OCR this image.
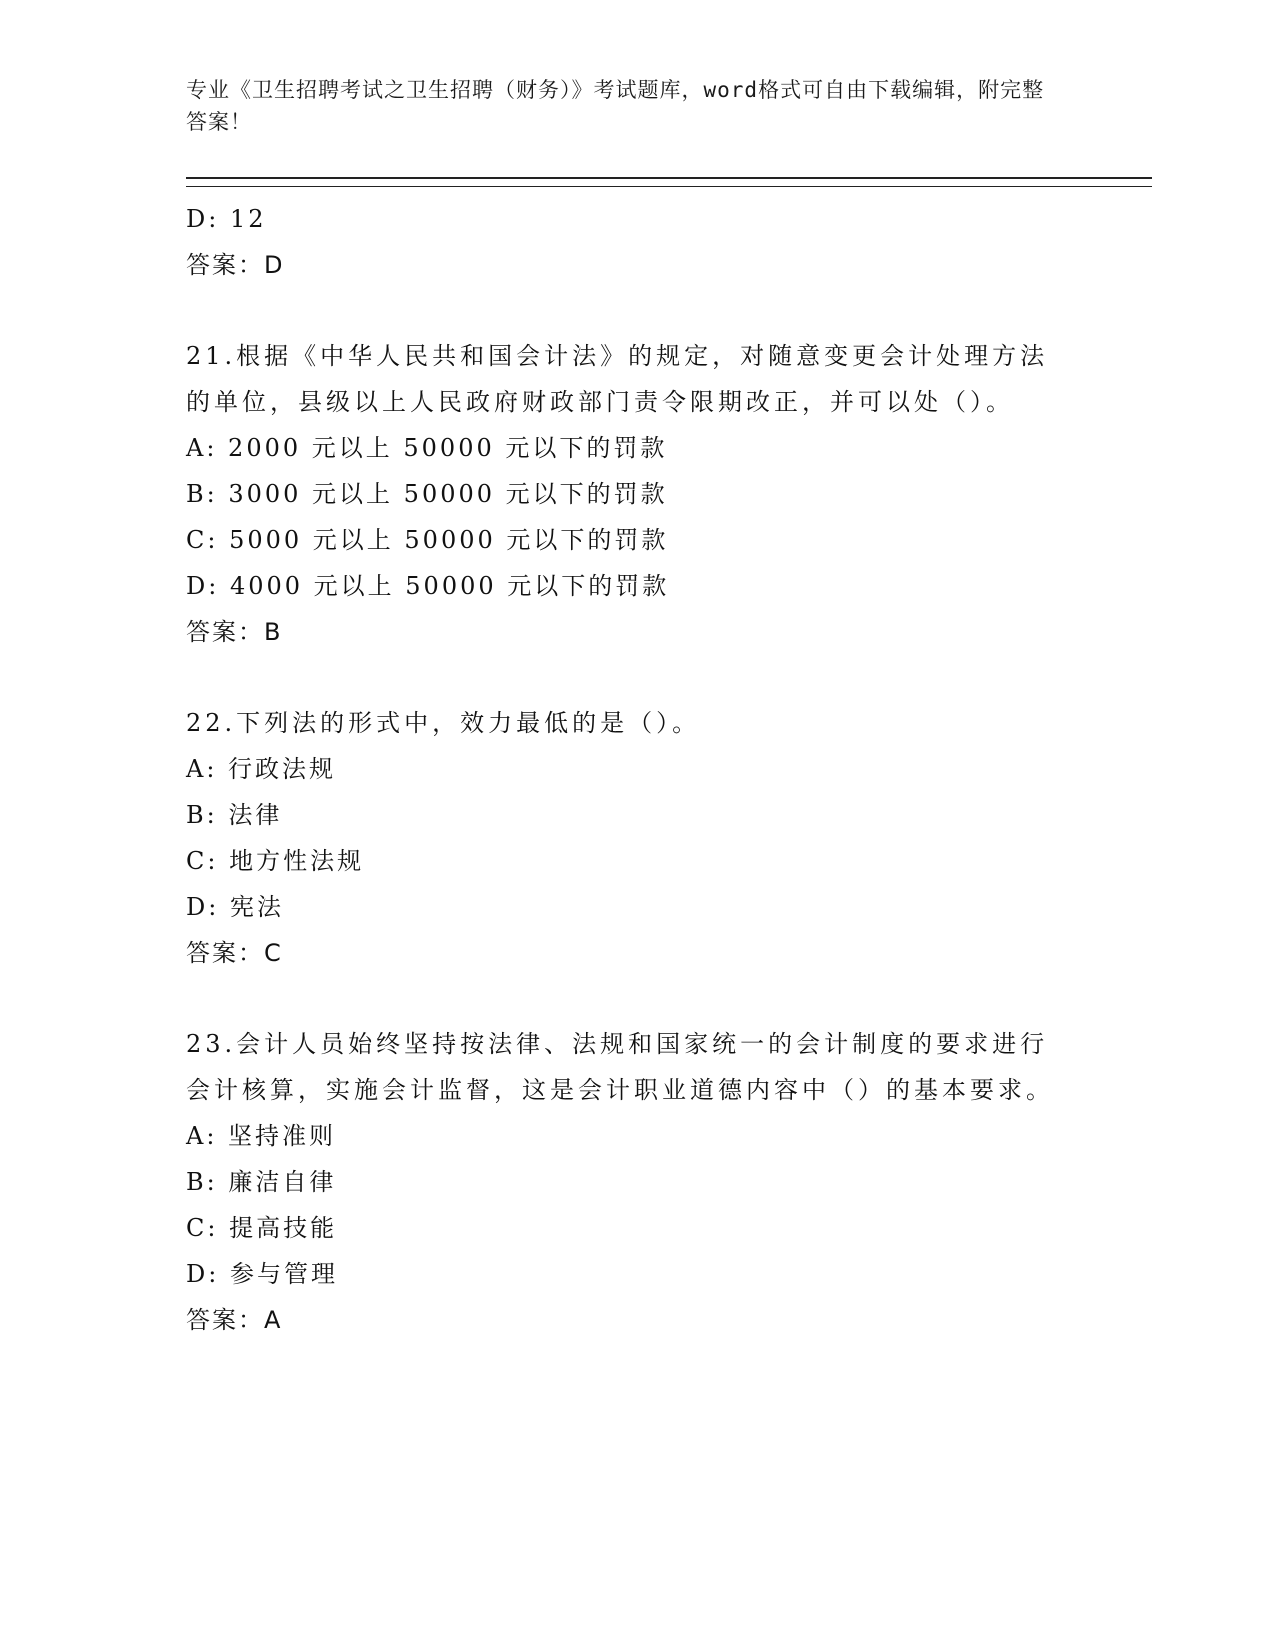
专业《卫生招聘考试之卫生招聘（财务）》考试题库，word格式可自由下载编辑，附完整答案！

D: 12

答案：D

21.根据《中华人民共和国会计法》的规定，对随意变更会计处理方法的单位，县级以上人民政府财政部门责令限期改正，并可以处（）。

A: 2000 元以上 50000 元以下的罚款

B: 3000 元以上 50000 元以下的罚款

C: 5000 元以上 50000 元以下的罚款

D: 4000 元以上 50000 元以下的罚款

答案：B

22.下列法的形式中，效力最低的是（）。

A: 行政法规

B: 法律

C: 地方性法规

D: 宪法

答案：C

23.会计人员始终坚持按法律、法规和国家统一的会计制度的要求进行会计核算，实施会计监督，这是会计职业道德内容中（）的基本要求。

A: 坚持准则

B: 廉洁自律

C: 提高技能

D: 参与管理

答案：A
